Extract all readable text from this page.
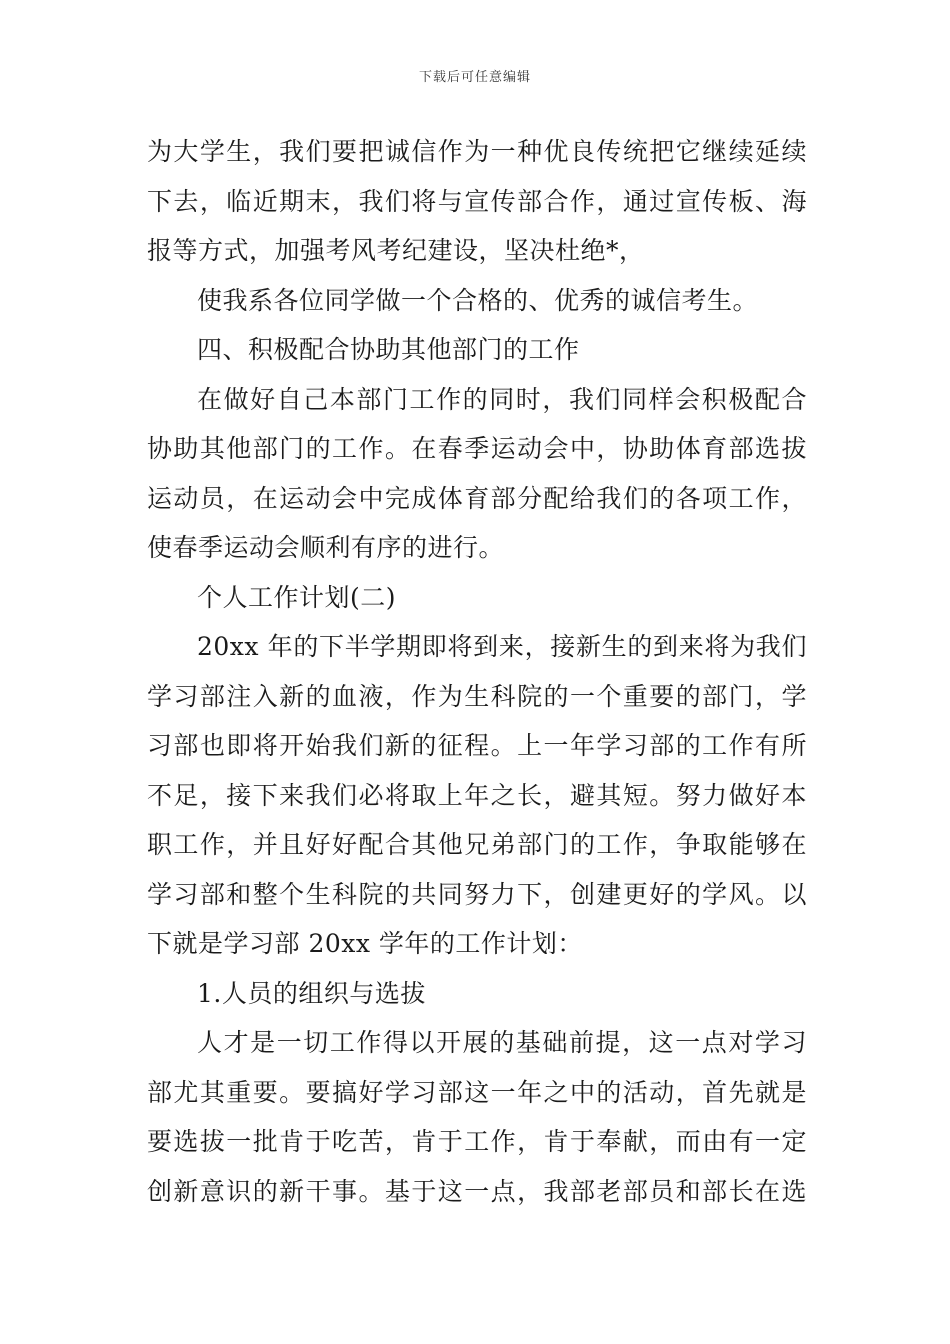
下载后可任意编辑
为大学生，我们要把诚信作为一种优良传统把它继续延续
下去，临近期末，我们将与宣传部合作，通过宣传板、海
报等方式，加强考风考纪建设，坚决杜绝*，
使我系各位同学做一个合格的、优秀的诚信考生。
四、积极配合协助其他部门的工作
在做好自己本部门工作的同时，我们同样会积极配合
协助其他部门的工作。在春季运动会中，协助体育部选拔
运动员，在运动会中完成体育部分配给我们的各项工作，
使春季运动会顺利有序的进行。
个人工作计划(二)
20xx 年的下半学期即将到来，接新生的到来将为我们
学习部注入新的血液，作为生科院的一个重要的部门，学
习部也即将开始我们新的征程。上一年学习部的工作有所
不足，接下来我们必将取上年之长，避其短。努力做好本
职工作，并且好好配合其他兄弟部门的工作，争取能够在
学习部和整个生科院的共同努力下，创建更好的学风。以
下就是学习部 20xx 学年的工作计划：
1.人员的组织与选拔
人才是一切工作得以开展的基础前提，这一点对学习
部尤其重要。要搞好学习部这一年之中的活动，首先就是
要选拔一批肯于吃苦，肯于工作，肯于奉献，而由有一定
创新意识的新干事。基于这一点，我部老部员和部长在选
